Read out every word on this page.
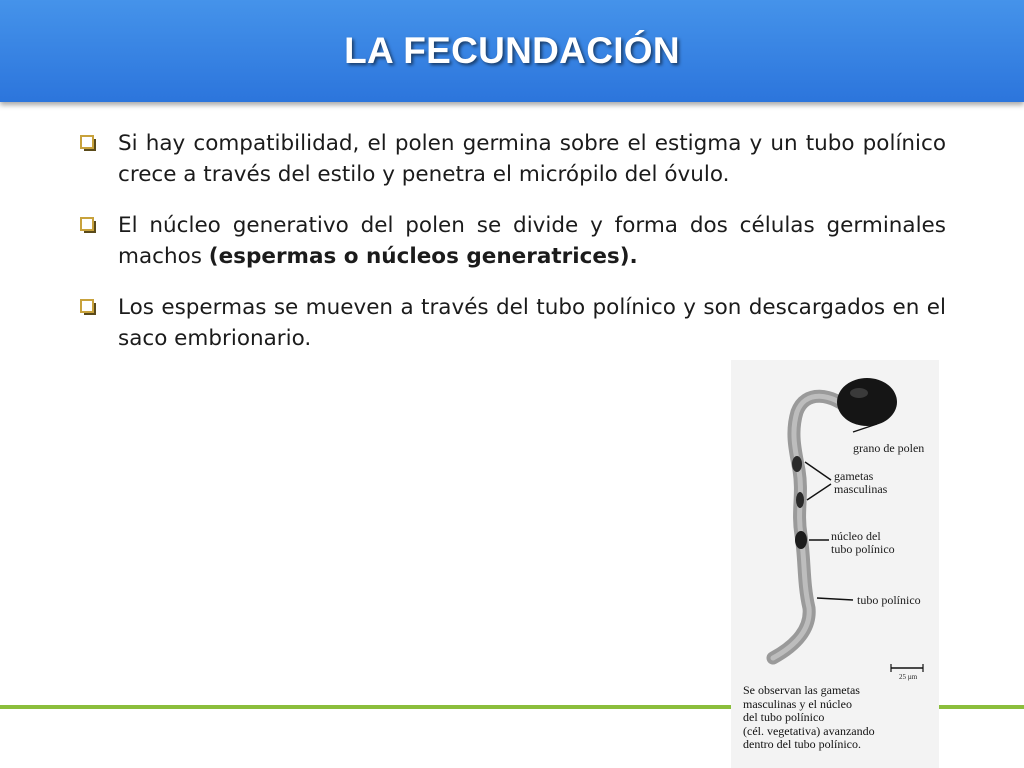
LA FECUNDACIÓN
Si hay compatibilidad, el polen germina sobre el estigma y un tubo polínico crece a través del estilo y penetra el micrópilo del óvulo.
El núcleo generativo del polen se divide y forma dos células germinales machos (espermas o núcleos generatrices).
Los espermas se mueven a través del tubo polínico y son descargados en el saco embrionario.
grano de polen
gametas
masculinas
núcleo del
tubo polínico
tubo polínico
25 µm
Se observan las gametas
masculinas y el núcleo
del tubo polínico
(cél. vegetativa) avanzando
dentro del tubo polínico.
